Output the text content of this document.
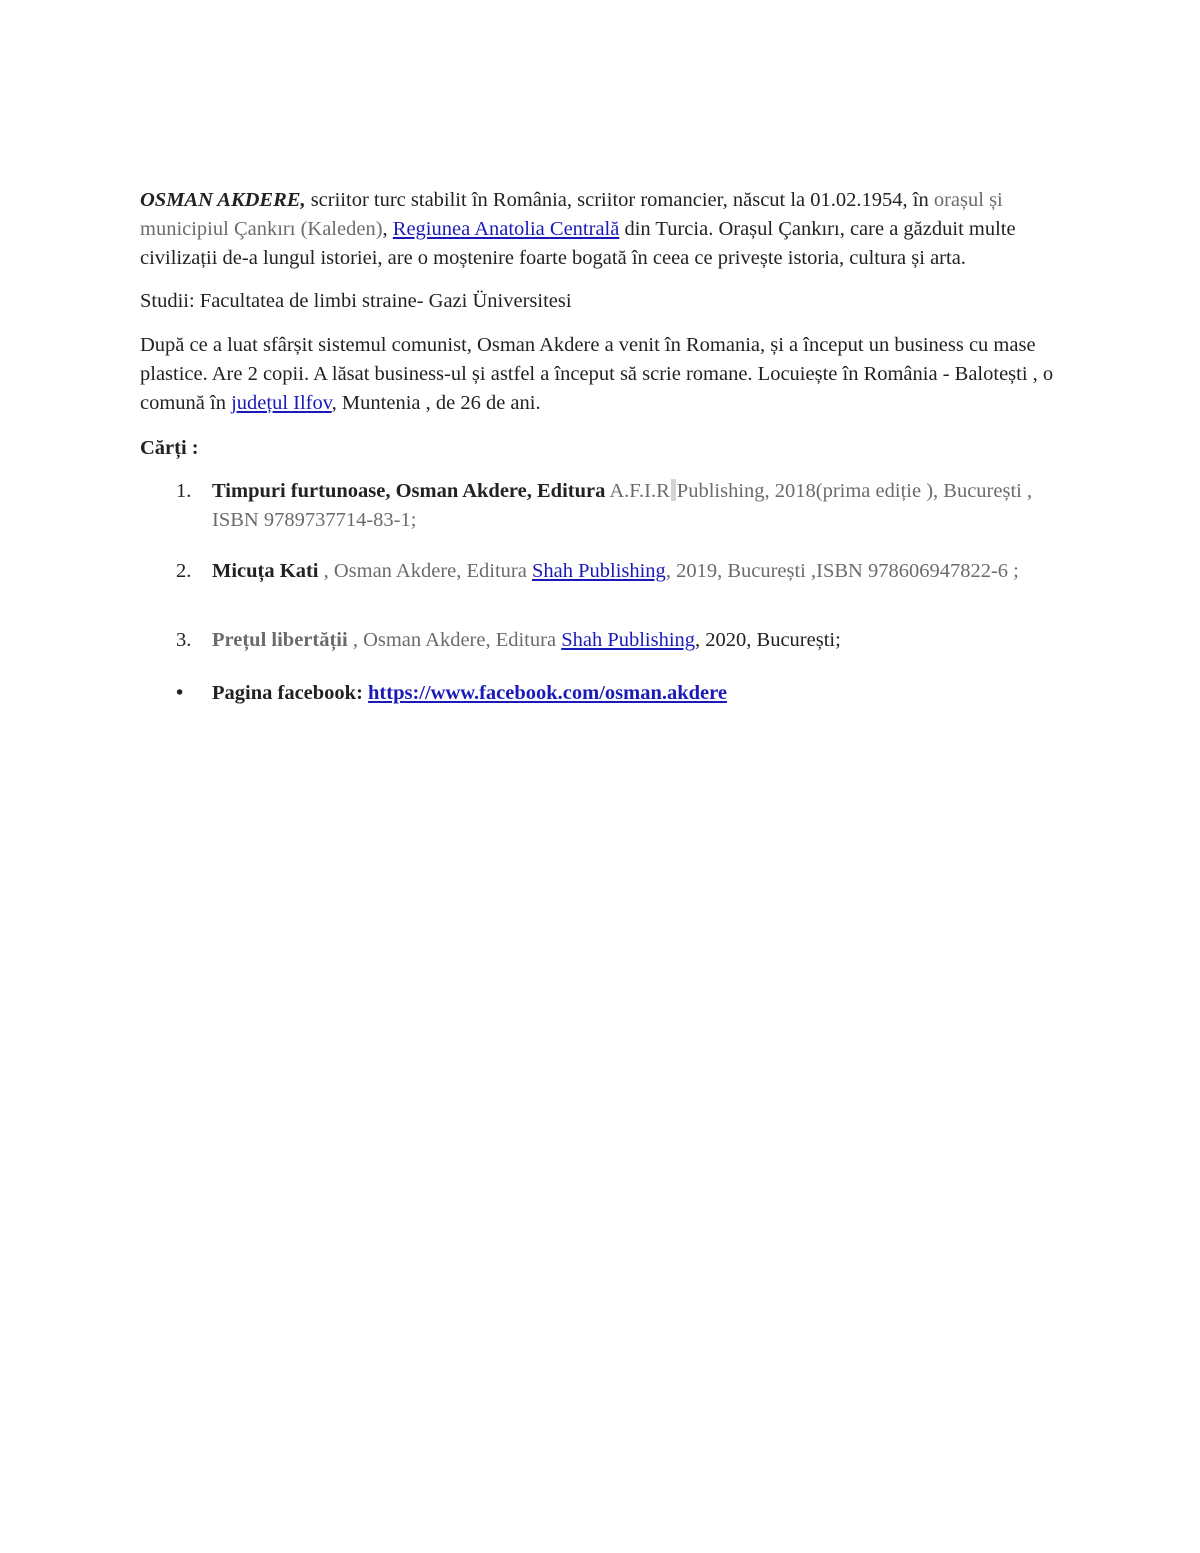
OSMAN AKDERE, scriitor turc stabilit în România, scriitor romancier, născut la 01.02.1954, în orașul și municipiul Çankırı (Kaleden), Regiunea Anatolia Centrală din Turcia. Orașul Çankırı, care a găzduit multe civilizații de-a lungul istoriei, are o moștenire foarte bogată în ceea ce privește istoria, cultura și arta.

Studii: Facultatea de limbi straine- Gazi Üniversitesi

După ce a luat sfârșit sistemul comunist, Osman Akdere a venit în Romania, și a început un business cu mase plastice. Are 2 copii. A lăsat business-ul și astfel a început să scrie romane. Locuiește în România - Balotești , o comună în județul Ilfov, Muntenia , de 26 de ani.

Cărți :

1. Timpuri furtunoase, Osman Akdere, Editura A.F.I.R Publishing, 2018(prima ediție ), București , ISBN 9789737714-83-1;
2. Micuța Kati , Osman Akdere, Editura Shah Publishing, 2019, București ,ISBN 978606947822-6 ;
3. Prețul libertății , Osman Akdere, Editura Shah Publishing, 2020, București;
• Pagina facebook: https://www.facebook.com/osman.akdere
